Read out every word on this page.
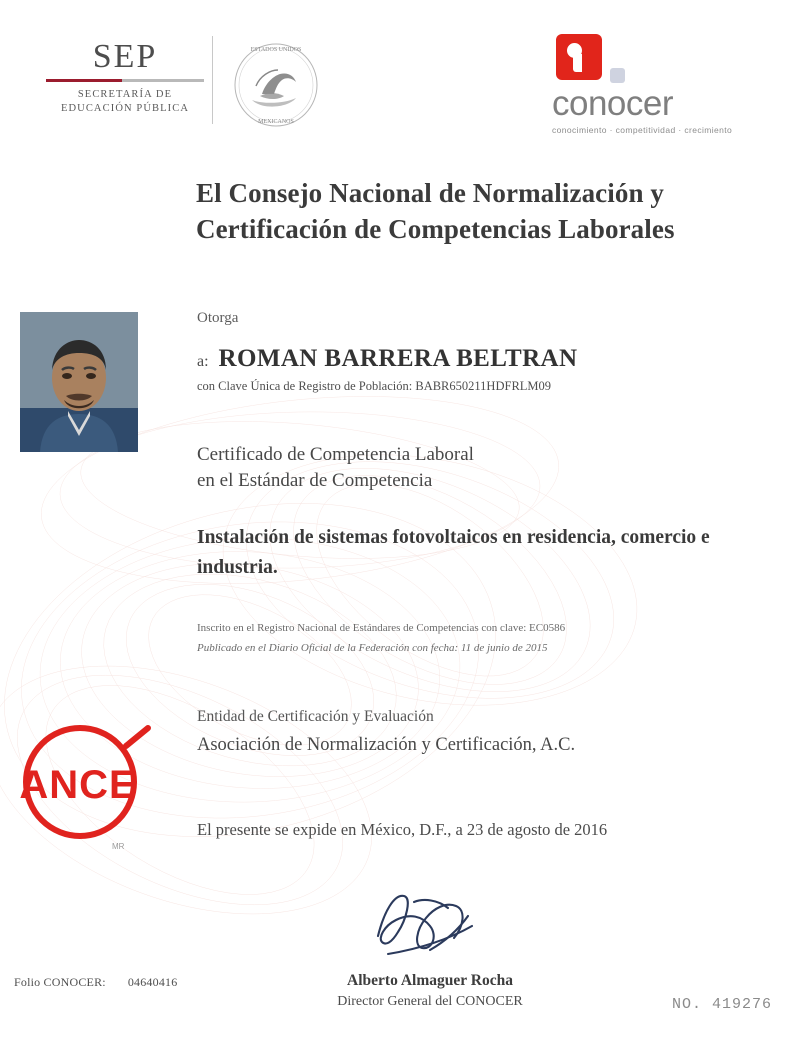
SEP
SECRETARÍA DE
EDUCACIÓN PÚBLICA
ESTADOS UNIDOS
MEXICANOS	conocer
conocimiento · competitividad · crecimiento
El Consejo Nacional de Normalización y
Certificación de Competencias Laborales
Otorga
a: ROMAN BARRERA BELTRAN
con Clave Única de Registro de Población: BABR650211HDFRLM09
Certificado de Competencia Laboral
en el Estándar de Competencia
Instalación de sistemas fotovoltaicos en residencia, comercio e industria.
Inscrito en el Registro Nacional de Estándares de Competencias con clave: EC0586
Publicado en el Diario Oficial de la Federación con fecha: 11 de junio de 2015
Entidad de Certificación y Evaluación
Asociación de Normalización y Certificación, A.C.
El presente se expide en México, D.F., a 23 de agosto de 2016
ANCE
MR
Alberto Almaguer Rocha
Director General del CONOCER
Folio CONOCER: 04640416
NO. 419276
